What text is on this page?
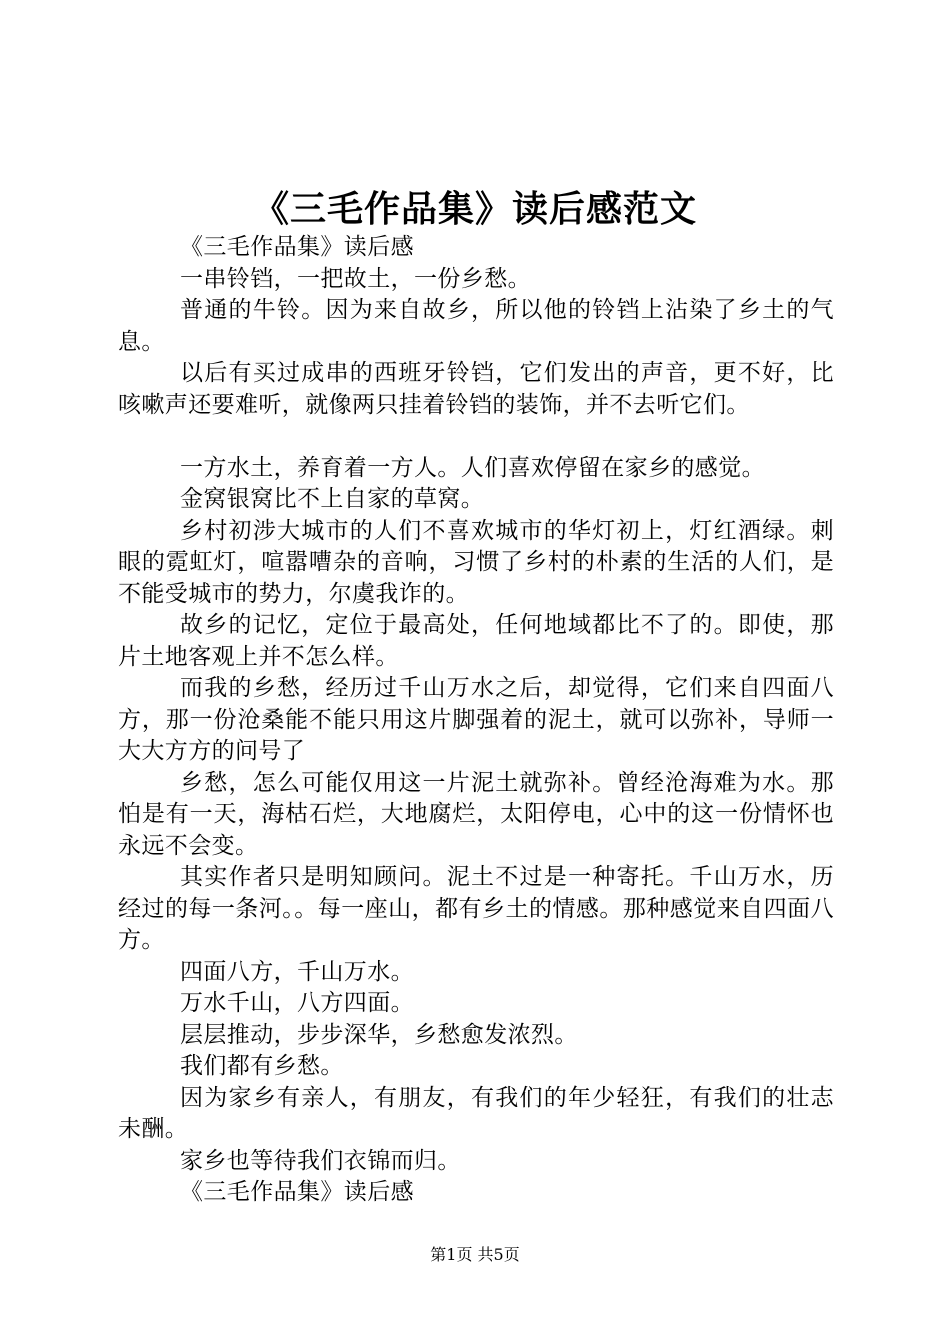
《三毛作品集》读后感范文

《三毛作品集》读后感

一串铃铛，一把故土，一份乡愁。

普通的牛铃。因为来自故乡，所以他的铃铛上沾染了乡土的气息。

以后有买过成串的西班牙铃铛，它们发出的声音，更不好，比咳嗽声还要难听，就像两只挂着铃铛的装饰，并不去听它们。

一方水土，养育着一方人。人们喜欢停留在家乡的感觉。

金窝银窝比不上自家的草窝。

乡村初涉大城市的人们不喜欢城市的华灯初上，灯红酒绿。刺眼的霓虹灯，喧嚣嘈杂的音响，习惯了乡村的朴素的生活的人们，是不能受城市的势力，尔虞我诈的。

故乡的记忆，定位于最高处，任何地域都比不了的。即使，那片土地客观上并不怎么样。

而我的乡愁，经历过千山万水之后，却觉得，它们来自四面八方，那一份沧桑能不能只用这片脚强着的泥土，就可以弥补，导师一大大方方的问号了

乡愁，怎么可能仅用这一片泥土就弥补。曾经沧海难为水。那怕是有一天，海枯石烂，大地腐烂，太阳停电，心中的这一份情怀也永远不会变。

其实作者只是明知顾问。泥土不过是一种寄托。千山万水，历经过的每一条河。。每一座山，都有乡土的情感。那种感觉来自四面八方。

四面八方，千山万水。

万水千山，八方四面。

层层推动，步步深华，乡愁愈发浓烈。

我们都有乡愁。

因为家乡有亲人，有朋友，有我们的年少轻狂，有我们的壮志未酬。

家乡也等待我们衣锦而归。

《三毛作品集》读后感

第1页 共5页
